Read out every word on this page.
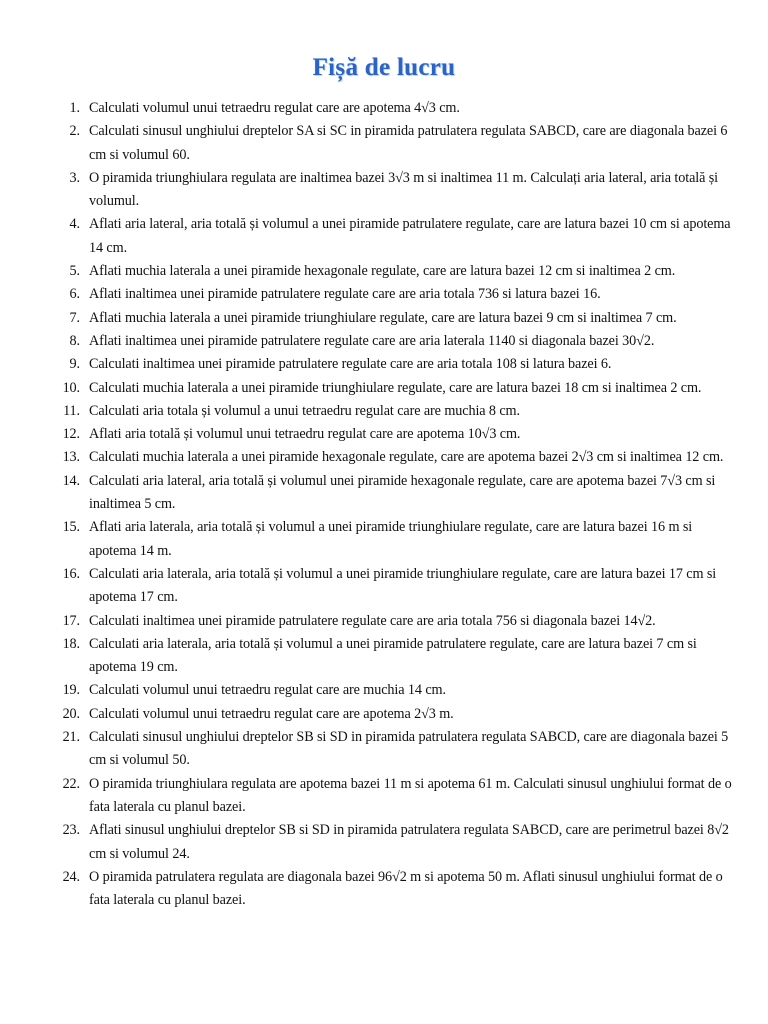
Fișă de lucru
1. Calculati volumul unui tetraedru regulat care are apotema 4√3 cm.
2. Calculati sinusul unghiului dreptelor SA si SC in piramida patrulatera regulata SABCD, care are diagonala bazei 6 cm si volumul 60.
3. O piramida triunghiulara regulata are inaltimea bazei 3√3 m si inaltimea 11 m. Calculați aria lateral, aria totală și volumul.
4. Aflati aria lateral, aria totală și volumul a unei piramide patrulatere regulate, care are latura bazei 10 cm si apotema 14 cm.
5. Aflati muchia laterala a unei piramide hexagonale regulate, care are latura bazei 12 cm si inaltimea 2 cm.
6. Aflati inaltimea unei piramide patrulatere regulate care are aria totala 736 si latura bazei 16.
7. Aflati muchia laterala a unei piramide triunghiulare regulate, care are latura bazei 9 cm si inaltimea 7 cm.
8. Aflati inaltimea unei piramide patrulatere regulate care are aria laterala 1140 si diagonala bazei 30√2.
9. Calculati inaltimea unei piramide patrulatere regulate care are aria totala 108 si latura bazei 6.
10. Calculati muchia laterala a unei piramide triunghiulare regulate, care are latura bazei 18 cm si inaltimea 2 cm.
11. Calculati aria totala și volumul a unui tetraedru regulat care are muchia 8 cm.
12. Aflati aria totală și volumul unui tetraedru regulat care are apotema 10√3 cm.
13. Calculati muchia laterala a unei piramide hexagonale regulate, care are apotema bazei 2√3 cm si inaltimea 12 cm.
14. Calculati aria lateral, aria totală și volumul unei piramide hexagonale regulate, care are apotema bazei 7√3 cm si inaltimea 5 cm.
15. Aflati aria laterala, aria totală și volumul a unei piramide triunghiulare regulate, care are latura bazei 16 m si apotema 14 m.
16. Calculati aria laterala, aria totală și volumul a unei piramide triunghiulare regulate, care are latura bazei 17 cm si apotema 17 cm.
17. Calculati inaltimea unei piramide patrulatere regulate care are aria totala 756 si diagonala bazei 14√2.
18. Calculati aria laterala, aria totală și volumul a unei piramide patrulatere regulate, care are latura bazei 7 cm si apotema 19 cm.
19. Calculati volumul unui tetraedru regulat care are muchia 14 cm.
20. Calculati volumul unui tetraedru regulat care are apotema 2√3 m.
21. Calculati sinusul unghiului dreptelor SB si SD in piramida patrulatera regulata SABCD, care are diagonala bazei 5 cm si volumul 50.
22. O piramida triunghiulara regulata are apotema bazei 11 m si apotema 61 m. Calculati sinusul unghiului format de o fata laterala cu planul bazei.
23. Aflati sinusul unghiului dreptelor SB si SD in piramida patrulatera regulata SABCD, care are perimetrul bazei 8√2 cm si volumul 24.
24. O piramida patrulatera regulata are diagonala bazei 96√2 m si apotema 50 m. Aflati sinusul unghiului format de o fata laterala cu planul bazei.
